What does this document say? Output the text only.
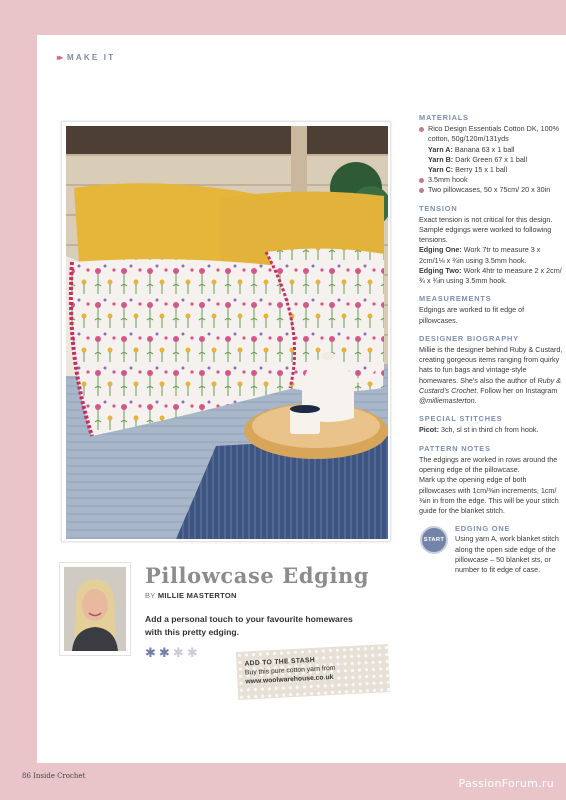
▸▸ MAKE IT
Pillowcase Edging
BY MILLIE MASTERTON
Add a personal touch to your favourite homewares with this pretty edging.
✱ ✱ ✱ ✱
ADD TO THE STASH
Buy this pure cotton yarn from
www.woolwarehouse.co.uk
MATERIALS
Rico Design Essentials Cotton DK, 100% cotton, 50g/120m/131yds
Yarn A: Banana 63 x 1 ball
Yarn B: Dark Green 67 x 1 ball
Yarn C: Berry 15 x 1 ball
3.5mm hook
Two pillowcases, 50 x 75cm/ 20 x 30in
TENSION
Exact tension is not critical for this design.
Sample edgings were worked to following tensions.
Edging One: Work 7tr to measure 3 x 2cm/1⅛ x ¾in using 3.5mm hook.
Edging Two: Work 4htr to measure 2 x 2cm/¾ x ¾in using 3.5mm hook.
MEASUREMENTS
Edgings are worked to fit edge of pillowcases.
DESIGNER BIOGRAPHY
Millie is the designer behind Ruby & Custard, creating gorgeous items ranging from quirky hats to fun bags and vintage-style homewares. She's also the author of Ruby & Custard's Crochet. Follow her on Instagram @milliemasterton.
SPECIAL STITCHES
Picot: 3ch, sl st in third ch from hook.
PATTERN NOTES
The edgings are worked in rows around the opening edge of the pillowcase.
Mark up the opening edge of both pillowcases with 1cm/⅜in increments, 1cm/⅜in in from the edge. This will be your stitch guide for the blanket stitch.
START
EDGING ONE
Using yarn A, work blanket stitch along the open side edge of the pillowcase – 50 blanket sts, or number to fit edge of case.
86 Inside Crochet
PassionForum.ru
